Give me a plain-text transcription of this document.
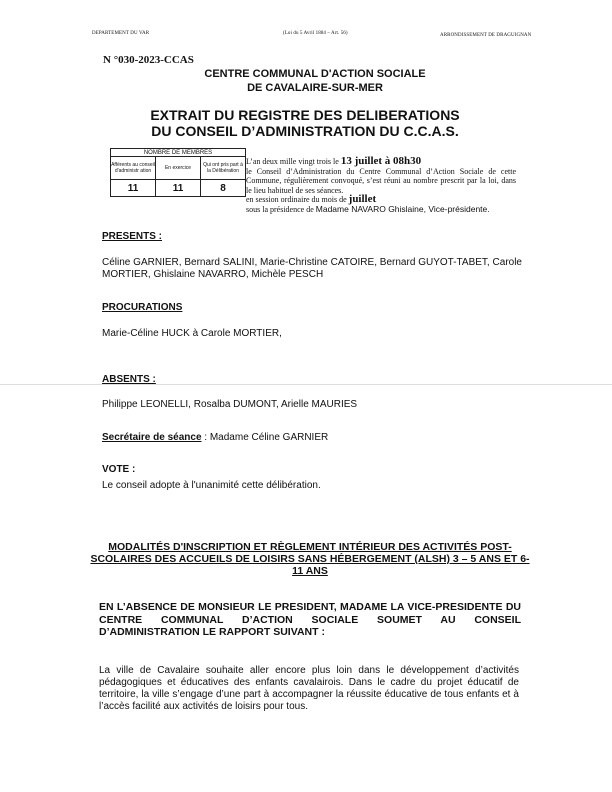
DEPARTEMENT DU VAR	(Loi du 5 Avril 1884 – Art. 56)	ARRONDISSEMENT DE DRAGUIGNAN
N °030-2023-CCAS
CENTRE COMMUNAL D'ACTION SOCIALE
DE CAVALAIRE-SUR-MER
EXTRAIT DU REGISTRE DES DELIBERATIONS
DU CONSEIL D’ADMINISTRATION DU C.C.A.S.
NOMBRE DE MEMBRES		
Afférents au conseil d'administr ation	En exercice	Qui ont pris part à la Délibération
11	11	8
L’an deux mille vingt trois le 13 juillet à 08h30
le Conseil d’Administration du Centre Communal d’Action Sociale de cette Commune, régulièrement convoqué, s’est réuni au nombre prescrit par la loi, dans le lieu habituel de ses séances.
en session ordinaire du mois de juillet
sous la présidence de Madame NAVARO Ghislaine, Vice-présidente.
PRESENTS :
Céline GARNIER, Bernard SALINI, Marie-Christine CATOIRE, Bernard GUYOT-TABET, Carole MORTIER, Ghislaine NAVARRO, Michèle PESCH
PROCURATIONS
Marie-Céline HUCK à Carole MORTIER,
ABSENTS :
Philippe LEONELLI, Rosalba DUMONT, Arielle MAURIES
Secrétaire de séance : Madame Céline GARNIER
VOTE :
Le conseil adopte à l'unanimité cette délibération.
MODALITÉS D'INSCRIPTION ET RÈGLEMENT INTÉRIEUR DES ACTIVITÉS POST-SCOLAIRES DES ACCUEILS DE LOISIRS SANS HÉBERGEMENT (ALSH) 3 – 5 ANS ET 6-11 ANS
EN L’ABSENCE DE MONSIEUR LE PRESIDENT, MADAME LA VICE-PRESIDENTE DU CENTRE COMMUNAL D’ACTION SOCIALE SOUMET AU CONSEIL D’ADMINISTRATION LE RAPPORT SUIVANT :
La ville de Cavalaire souhaite aller encore plus loin dans le développement d’activités pédagogiques et éducatives des enfants cavalairois. Dans le cadre du projet éducatif de territoire, la ville s’engage d’une part à accompagner la réussite éducative de tous enfants et à l’accès facilité aux activités de loisirs pour tous.
